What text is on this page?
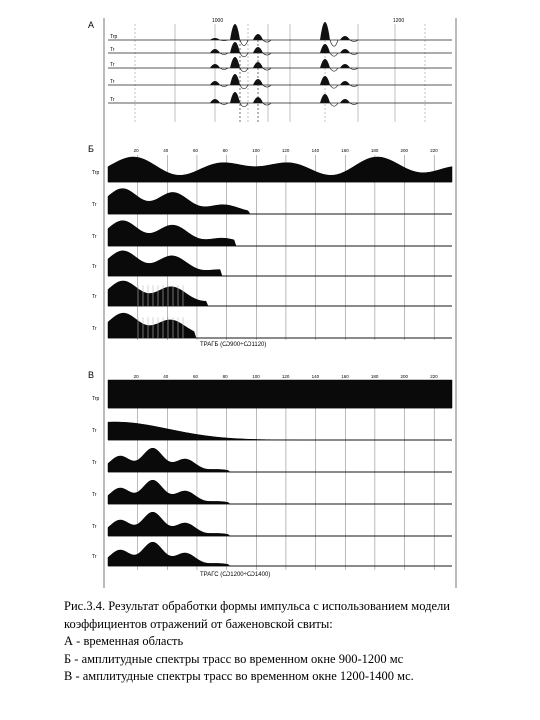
А	1000	1200
Trp
Tr
Tr
Tr
Tr
Б	20	40	60	80	100	120	140	160	180	200	220
Trp
Tr
Tr
Tr
Tr
Tr
ТРАГБ (Ѡ900÷Ѡ1120)
В	20	40	60	80	100	120	140	160	180	200	220
Trp
Tr
Tr
Tr
Tr
Tr
ТРАГС (Ѡ1200÷Ѡ1400)
Рис.3.4. Результат обработки формы импульса с использованием модели
коэффициентов отражений от баженовской свиты:
А - временная область
Б - амплитудные спектры трасс во временном окне 900-1200 мс
В - амплитудные спектры трасс во временном окне 1200-1400 мс.
